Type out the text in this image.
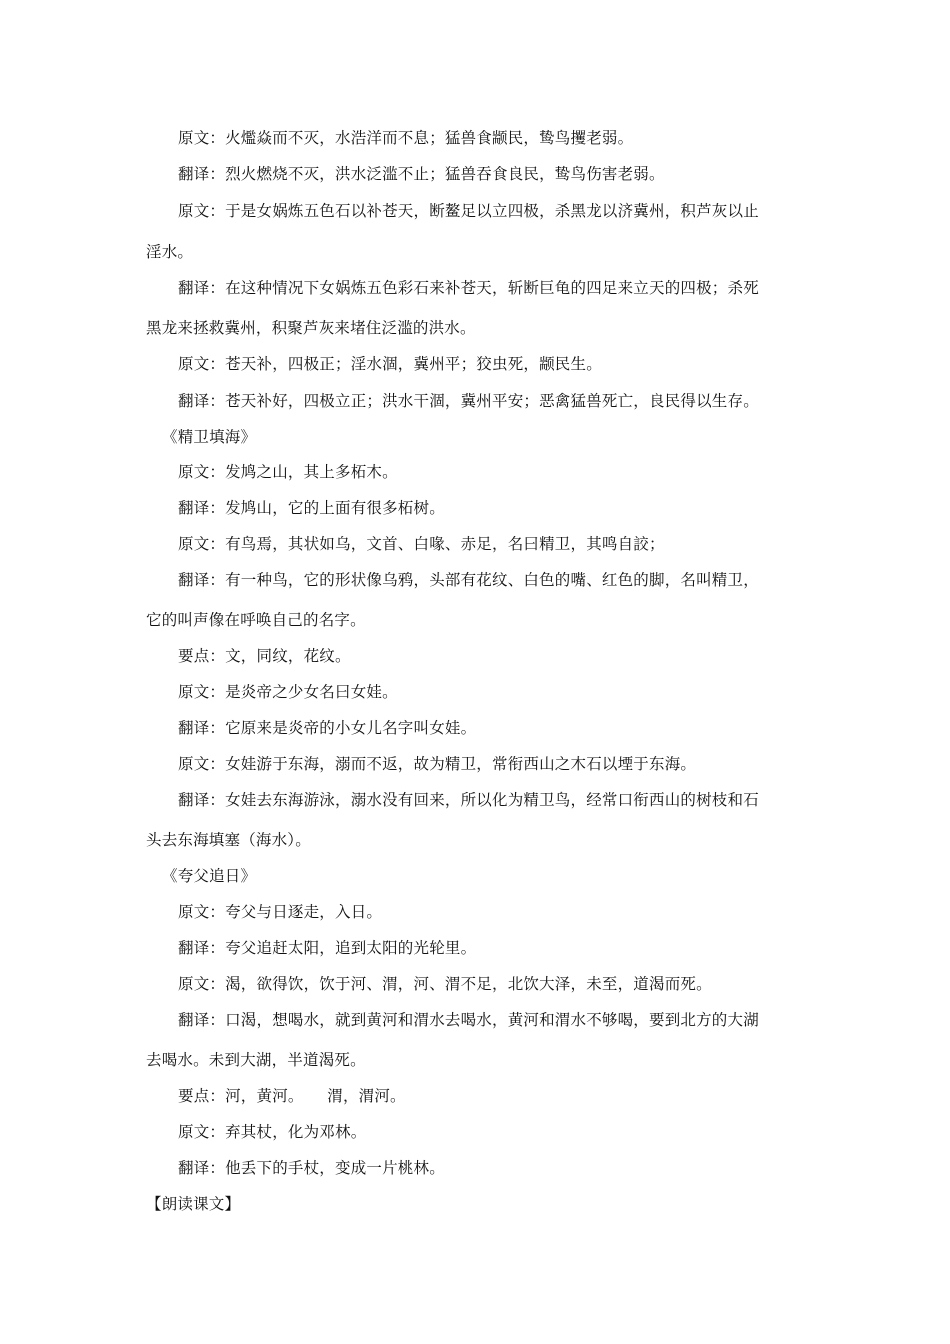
原文：火爁焱而不灭，水浩洋而不息；猛兽食颛民，鸷鸟攫老弱。
翻译：烈火燃烧不灭，洪水泛滥不止；猛兽吞食良民，鸷鸟伤害老弱。
原文：于是女娲炼五色石以补苍天，断鳌足以立四极，杀黑龙以济冀州，积芦灰以止
淫水。
翻译：在这种情况下女娲炼五色彩石来补苍天，斩断巨龟的四足来立天的四极；杀死
黑龙来拯救冀州，积聚芦灰来堵住泛滥的洪水。
原文：苍天补，四极正；淫水涸，冀州平；狡虫死，颛民生。
翻译：苍天补好，四极立正；洪水干涸，冀州平安；恶禽猛兽死亡，良民得以生存。
《精卫填海》
原文：发鸠之山，其上多柘木。
翻译：发鸠山，它的上面有很多柘树。
原文：有鸟焉，其状如乌，文首、白喙、赤足，名曰精卫，其鸣自詨；
翻译：有一种鸟，它的形状像乌鸦，头部有花纹、白色的嘴、红色的脚，名叫精卫，
它的叫声像在呼唤自己的名字。
要点：文，同纹，花纹。
原文：是炎帝之少女名曰女娃。
翻译：它原来是炎帝的小女儿名字叫女娃。
原文：女娃游于东海，溺而不返，故为精卫，常衔西山之木石以堙于东海。
翻译：女娃去东海游泳，溺水没有回来，所以化为精卫鸟，经常口衔西山的树枝和石
头去东海填塞（海水）。
《夸父追日》
原文：夸父与日逐走，入日。
翻译：夸父追赶太阳，追到太阳的光轮里。
原文：渴，欲得饮，饮于河、渭，河、渭不足，北饮大泽，未至，道渴而死。
翻译：口渴，想喝水，就到黄河和渭水去喝水，黄河和渭水不够喝，要到北方的大湖
去喝水。未到大湖，半道渴死。
要点：河，黄河。　　渭，渭河。
原文：弃其杖，化为邓林。
翻译：他丢下的手杖，变成一片桃林。
【朗读课文】
